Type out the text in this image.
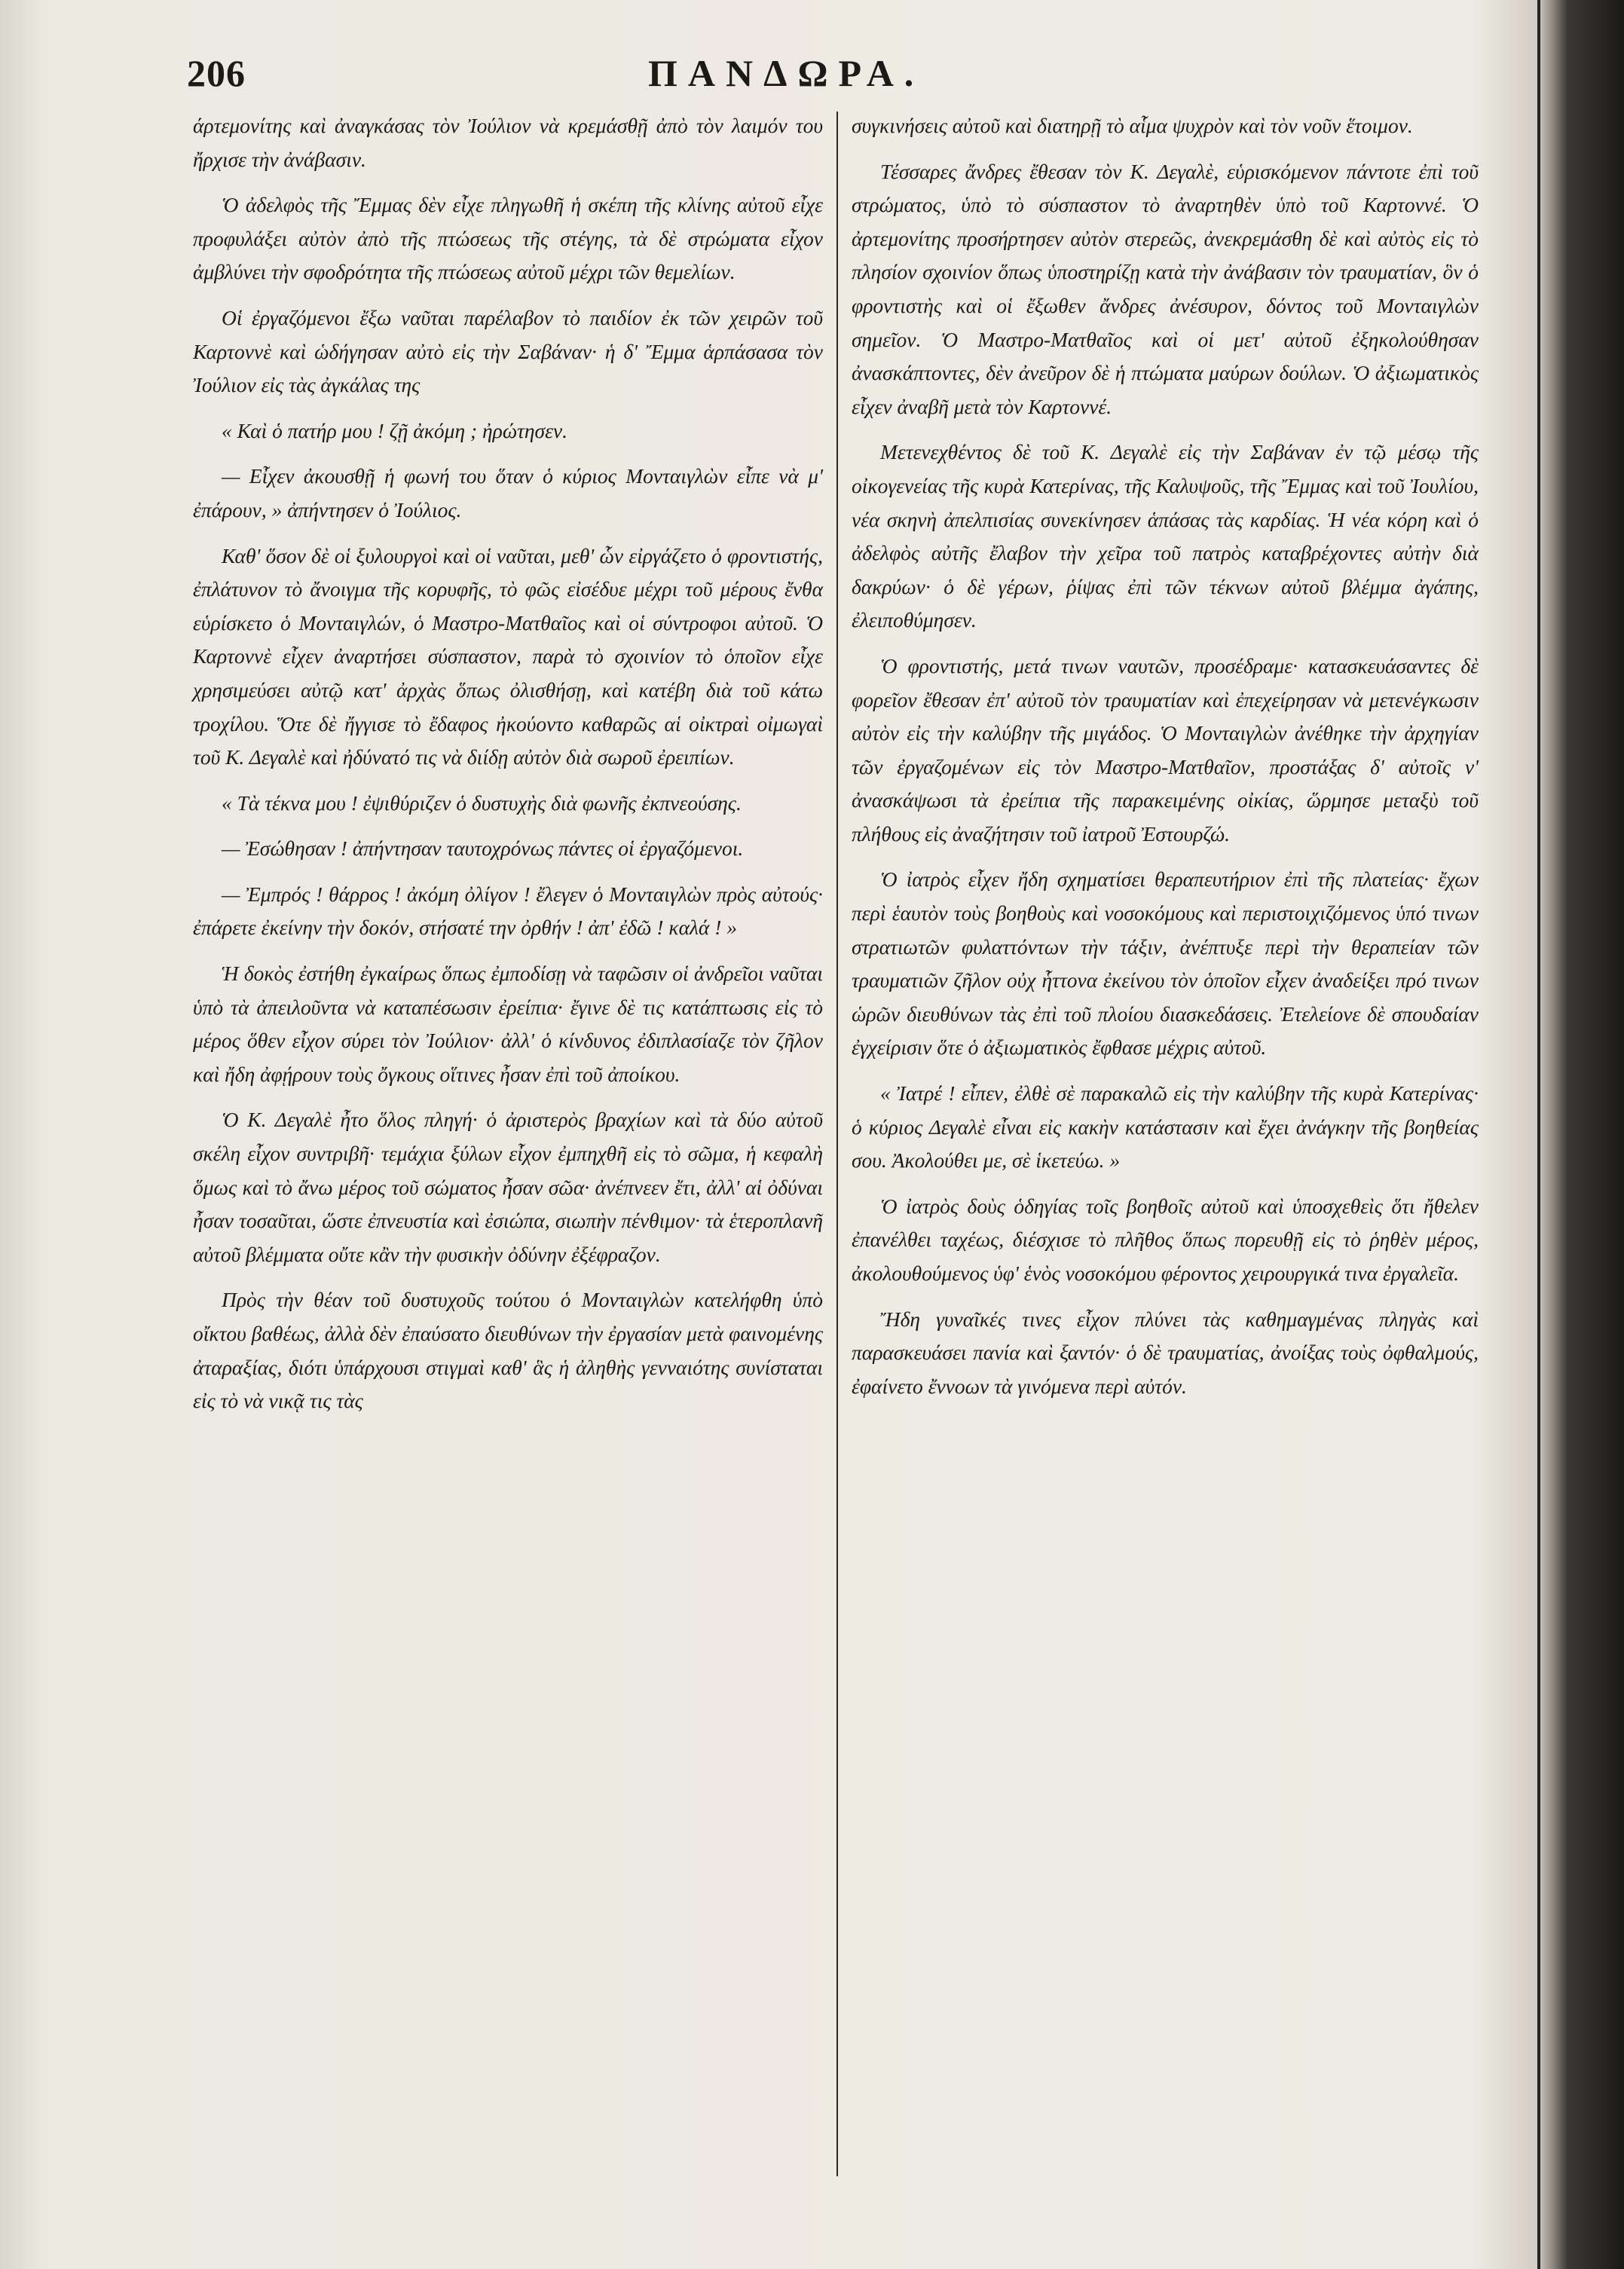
206	ΠΑΝΔΩΡΑ.

άρτεμονίτης καὶ ἀναγκάσας τὸν Ἰούλιον νὰ κρεμάσθῇ ἀπὸ τὸν λαιμόν του ἤρχισε τὴν ἀνάβασιν.

Ὁ ἀδελφὸς τῆς Ἔμμας δὲν εἶχε πληγωθῆ ἡ σκέπη τῆς κλίνης αὐτοῦ εἶχε προφυλάξει αὐτὸν ἀπὸ τῆς πτώσεως τῆς στέγης, τὰ δὲ στρώματα εἶχον ἀμβλύνει τὴν σφοδρότητα τῆς πτώσεως αὐτοῦ μέχρι τῶν θεμελίων.

Οἱ ἐργαζόμενοι ἔξω ναῦται παρέλαβον τὸ παιδίον ἐκ τῶν χειρῶν τοῦ Καρτοννὲ καὶ ὡδήγησαν αὐτὸ εἰς τὴν Σαβάναν· ἡ δ' Ἔμμα ἁρπάσασα τὸν Ἰούλιον εἰς τὰς ἀγκάλας της

« Καὶ ὁ πατήρ μου ! ζῇ ἀκόμη ; ἠρώτησεν.

— Εἶχεν ἀκουσθῇ ἡ φωνή του ὅταν ὁ κύριος Μονταιγλὼν εἶπε νὰ μ' ἐπάρουν, » ἀπήντησεν ὁ Ἰούλιος.

Καθ' ὅσον δὲ οἱ ξυλουργοὶ καὶ οἱ ναῦται, μεθ' ὧν εἰργάζετο ὁ φροντιστής, ἐπλάτυνον τὸ ἄνοιγμα τῆς κορυφῆς, τὸ φῶς εἰσέδυε μέχρι τοῦ μέρους ἔνθα εὑρίσκετο ὁ Μονταιγλών, ὁ Μαστρο-Ματθαῖος καὶ οἱ σύντροφοι αὐτοῦ. Ὁ Καρτοννὲ εἶχεν ἀναρτήσει σύσπαστον, παρὰ τὸ σχοινίον τὸ ὁποῖον εἶχε χρησιμεύσει αὐτῷ κατ' ἀρχὰς ὅπως ὀλισθήσῃ, καὶ κατέβη διὰ τοῦ κάτω τροχίλου. Ὅτε δὲ ἤγγισε τὸ ἔδαφος ἠκούοντο καθαρῶς αἱ οἰκτραὶ οἰμωγαὶ τοῦ Κ. Δεγαλὲ καὶ ἠδύνατό τις νὰ διίδῃ αὐτὸν διὰ σωροῦ ἐρειπίων.

« Τὰ τέκνα μου ! ἐψιθύριζεν ὁ δυστυχὴς διὰ φωνῆς ἐκπνεούσης.

— Ἐσώθησαν ! ἀπήντησαν ταυτοχρόνως πάντες οἱ ἐργαζόμενοι.

— Ἐμπρός ! θάρρος ! ἀκόμη ὀλίγον ! ἔλεγεν ὁ Μονταιγλὼν πρὸς αὐτούς· ἐπάρετε ἐκείνην τὴν δοκόν, στήσατέ την ὀρθήν ! ἀπ' ἐδῶ ! καλά ! »

Ἡ δοκὸς ἐστήθη ἐγκαίρως ὅπως ἐμποδίσῃ νὰ ταφῶσιν οἱ ἀνδρεῖοι ναῦται ὑπὸ τὰ ἀπειλοῦντα νὰ καταπέσωσιν ἐρείπια· ἔγινε δὲ τις κατάπτωσις εἰς τὸ μέρος ὅθεν εἶχον σύρει τὸν Ἰούλιον· ἀλλ' ὁ κίνδυνος ἐδιπλασίαζε τὸν ζῆλον καὶ ἤδη ἀφῄρουν τοὺς ὄγκους οἵτινες ἦσαν ἐπὶ τοῦ ἀποίκου.

Ὁ Κ. Δεγαλὲ ἦτο ὅλος πληγή· ὁ ἀριστερὸς βραχίων καὶ τὰ δύο αὐτοῦ σκέλη εἶχον συντριβῆ· τεμάχια ξύλων εἶχον ἐμπηχθῆ εἰς τὸ σῶμα, ἡ κεφαλὴ ὅμως καὶ τὸ ἄνω μέρος τοῦ σώματος ἦσαν σῶα· ἀνέπνεεν ἔτι, ἀλλ' αἱ ὀδύναι ἦσαν τοσαῦται, ὥστε ἐπνευστία καὶ ἐσιώπα, σιωπὴν πένθιμον· τὰ ἑτεροπλανῆ αὐτοῦ βλέμματα οὔτε κἂν τὴν φυσικὴν ὀδύνην ἐξέφραζον.

Πρὸς τὴν θέαν τοῦ δυστυχοῦς τούτου ὁ Μονταιγλὼν κατελήφθη ὑπὸ οἴκτου βαθέως, ἀλλὰ δὲν ἐπαύσατο διευθύνων τὴν ἐργασίαν μετὰ φαινομένης ἀταραξίας, διότι ὑπάρχουσι στιγμαὶ καθ' ἃς ἡ ἀληθὴς γενναιότης συνίσταται εἰς τὸ νὰ νικᾷ τις τὰς

συγκινήσεις αὐτοῦ καὶ διατηρῇ τὸ αἷμα ψυχρὸν καὶ τὸν νοῦν ἕτοιμον.

Τέσσαρες ἄνδρες ἔθεσαν τὸν Κ. Δεγαλὲ, εὑρισκόμενον πάντοτε ἐπὶ τοῦ στρώματος, ὑπὸ τὸ σύσπαστον τὸ ἀναρτηθὲν ὑπὸ τοῦ Καρτοννέ. Ὁ ἀρτεμονίτης προσήρτησεν αὐτὸν στερεῶς, ἀνεκρεμάσθη δὲ καὶ αὐτὸς εἰς τὸ πλησίον σχοινίον ὅπως ὑποστηρίζῃ κατὰ τὴν ἀνάβασιν τὸν τραυματίαν, ὃν ὁ φροντιστὴς καὶ οἱ ἔξωθεν ἄνδρες ἀνέσυρον, δόντος τοῦ Μονταιγλὼν σημεῖον. Ὁ Μαστρο-Ματθαῖος καὶ οἱ μετ' αὐτοῦ ἐξηκολούθησαν ἀνασκάπτοντες, δὲν ἀνεῦρον δὲ ἡ πτώματα μαύρων δούλων. Ὁ ἀξιωματικὸς εἶχεν ἀναβῆ μετὰ τὸν Καρτοννέ.

Μετενεχθέντος δὲ τοῦ Κ. Δεγαλὲ εἰς τὴν Σαβάναν ἐν τῷ μέσῳ τῆς οἰκογενείας τῆς κυρὰ Κατερίνας, τῆς Καλυψοῦς, τῆς Ἔμμας καὶ τοῦ Ἰουλίου, νέα σκηνὴ ἀπελπισίας συνεκίνησεν ἁπάσας τὰς καρδίας. Ἡ νέα κόρη καὶ ὁ ἀδελφὸς αὐτῆς ἔλαβον τὴν χεῖρα τοῦ πατρὸς καταβρέχοντες αὐτὴν διὰ δακρύων· ὁ δὲ γέρων, ῥίψας ἐπὶ τῶν τέκνων αὐτοῦ βλέμμα ἀγάπης, ἐλειποθύμησεν.

Ὁ φροντιστής, μετά τινων ναυτῶν, προσέδραμε· κατασκευάσαντες δὲ φορεῖον ἔθεσαν ἐπ' αὐτοῦ τὸν τραυματίαν καὶ ἐπεχείρησαν νὰ μετενέγκωσιν αὐτὸν εἰς τὴν καλύβην τῆς μιγάδος. Ὁ Μονταιγλὼν ἀνέθηκε τὴν ἀρχηγίαν τῶν ἐργαζομένων εἰς τὸν Μαστρο-Ματθαῖον, προστάξας δ' αὐτοῖς ν' ἀνασκάψωσι τὰ ἐρείπια τῆς παρακειμένης οἰκίας, ὥρμησε μεταξὺ τοῦ πλήθους εἰς ἀναζήτησιν τοῦ ἰατροῦ Ἐστουρζώ.

Ὁ ἰατρὸς εἶχεν ἤδη σχηματίσει θεραπευτήριον ἐπὶ τῆς πλατείας· ἔχων περὶ ἑαυτὸν τοὺς βοηθοὺς καὶ νοσοκόμους καὶ περιστοιχιζόμενος ὑπό τινων στρατιωτῶν φυλαττόντων τὴν τάξιν, ἀνέπτυξε περὶ τὴν θεραπείαν τῶν τραυματιῶν ζῆλον οὐχ ἧττονα ἐκείνου τὸν ὁποῖον εἶχεν ἀναδείξει πρό τινων ὡρῶν διευθύνων τὰς ἐπὶ τοῦ πλοίου διασκεδάσεις. Ἐτελείονε δὲ σπουδαίαν ἐγχείρισιν ὅτε ὁ ἀξιωματικὸς ἔφθασε μέχρις αὐτοῦ.

« Ἰατρέ ! εἶπεν, ἐλθὲ σὲ παρακαλῶ εἰς τὴν καλύβην τῆς κυρὰ Κατερίνας· ὁ κύριος Δεγαλὲ εἶναι εἰς κακὴν κατάστασιν καὶ ἔχει ἀνάγκην τῆς βοηθείας σου. Ἀκολούθει με, σὲ ἱκετεύω. »

Ὁ ἰατρὸς δοὺς ὁδηγίας τοῖς βοηθοῖς αὐτοῦ καὶ ὑποσχεθεὶς ὅτι ἤθελεν ἐπανέλθει ταχέως, διέσχισε τὸ πλῆθος ὅπως πορευθῇ εἰς τὸ ῥηθὲν μέρος, ἀκολουθούμενος ὑφ' ἑνὸς νοσοκόμου φέροντος χειρουργικά τινα ἐργαλεῖα.

Ἤδη γυναῖκές τινες εἶχον πλύνει τὰς καθημαγμένας πληγὰς καὶ παρασκευάσει πανία καὶ ξαντόν· ὁ δὲ τραυματίας, ἀνοίξας τοὺς ὀφθαλμούς, ἐφαίνετο ἔννοων τὰ γινόμενα περὶ αὐτόν.
